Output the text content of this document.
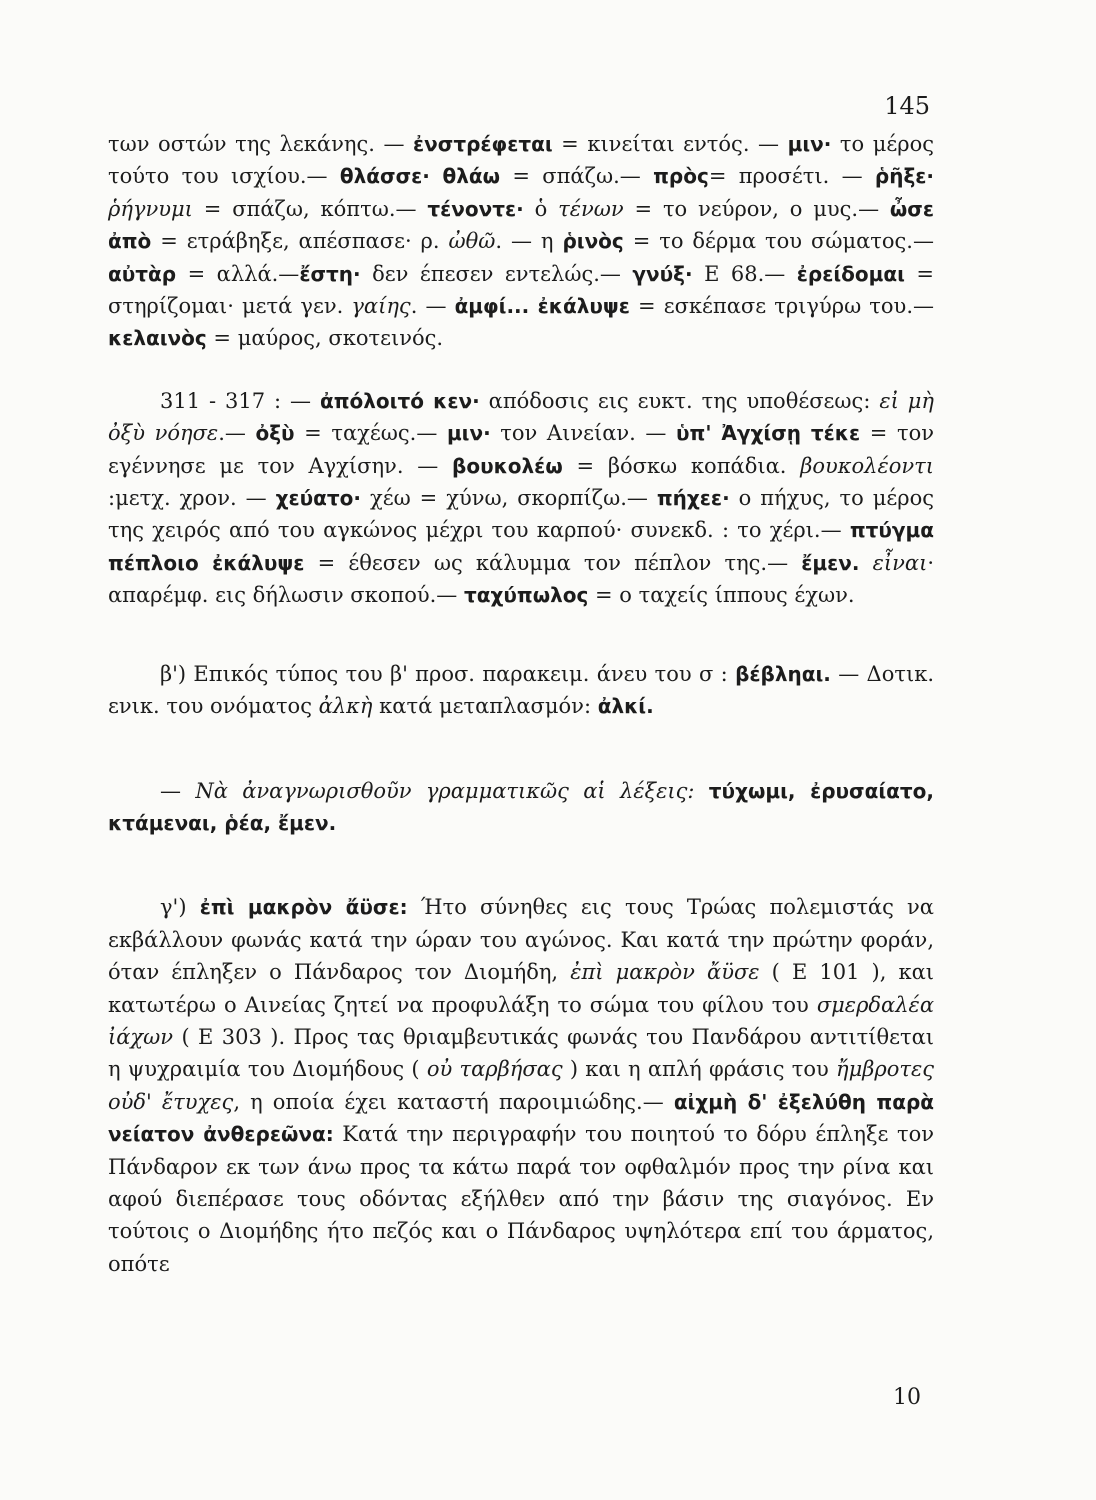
145

των οστών της λεκάνης. — ἐνστρέφεται = κινείται εντός. — μιν· το μέρος τούτο του ισχίου.— θλάσσε· θλάω = σπάζω.— πρὸς= προσέτι. — ῥῆξε· ῥήγνυμι = σπάζω, κόπτω.— τένοντε· ὁ τένων = το νεύρον, ο μυς.— ὦσε ἀπὸ = ετράβηξε, απέσπασε· ρ. ὠθῶ. — η ῥινὸς = το δέρμα του σώματος.— αὐτὰρ = αλλά.—ἔστη· δεν έπεσεν εντελώς.— γνύξ· Ε 68.— ἐρείδομαι = στηρίζομαι· μετά γεν. γαίης. — ἀμφί... ἐκάλυψε = εσκέπασε τριγύρω του.— κελαινὸς = μαύρος, σκοτεινός.

311 - 317 : — ἀπόλοιτό κεν· απόδοσις εις ευκτ. της υποθέσεως: εἰ μὴ ὀξὺ νόησε.— ὀξὺ = ταχέως.— μιν· τον Αινείαν. — ὑπ' Ἀγχίσῃ τέκε = τον εγέννησε με τον Αγχίσην. — βουκολέω = βόσκω κοπάδια. βουκολέοντι :μετχ. χρον. — χεύατο· χέω = χύνω, σκορπίζω.— πήχεε· ο πήχυς, το μέρος της χειρός από του αγκώνος μέχρι του καρπού· συνεκδ. : το χέρι.— πτύγμα πέπλοιο ἐκάλυψε = έθεσεν ως κάλυμμα τον πέπλον της.— ἔμεν. εἶναι· απαρέμφ. εις δήλωσιν σκοπού.— ταχύπωλος = ο ταχείς ίππους έχων.

β') Επικός τύπος του β' προσ. παρακειμ. άνευ του σ : βέβληαι. — Δοτικ. ενικ. του ονόματος ἀλκὴ κατά μεταπλασμόν: ἀλκί.

— Νὰ ἀναγνωρισθοῦν γραμματικῶς αἱ λέξεις: τύχωμι, ἐρυσαίατο, κτάμεναι, ῥέα, ἔμεν.

γ') ἐπὶ μακρὸν ἄϋσε: Ήτο σύνηθες εις τους Τρώας πολεμιστάς να εκβάλλουν φωνάς κατά την ώραν του αγώνος. Και κατά την πρώτην φοράν, όταν έπληξεν ο Πάνδαρος τον Διομήδη, ἐπὶ μακρὸν ἄϋσε ( Ε 101 ), και κατωτέρω ο Αινείας ζητεί να προφυλάξη το σώμα του φίλου του σμερδαλέα ἰάχων ( Ε 303 ). Προς τας θριαμβευτικάς φωνάς του Πανδάρου αντιτίθεται η ψυχραιμία του Διομήδους ( οὐ ταρβήσας ) και η απλή φράσις του ἤμβροτες οὐδ' ἔτυχες, η οποία έχει καταστή παροιμιώδης.— αἰχμὴ δ' ἐξελύθη παρὰ νείατον ἀνθερεῶνα: Κατά την περιγραφήν του ποιητού το δόρυ έπληξε τον Πάνδαρον εκ των άνω προς τα κάτω παρά τον οφθαλμόν προς την ρίνα και αφού διεπέρασε τους οδόντας εξήλθεν από την βάσιν της σιαγόνος. Εν τούτοις ο Διομήδης ήτο πεζός και ο Πάνδαρος υψηλότερα επί του άρματος, οπότε

10
